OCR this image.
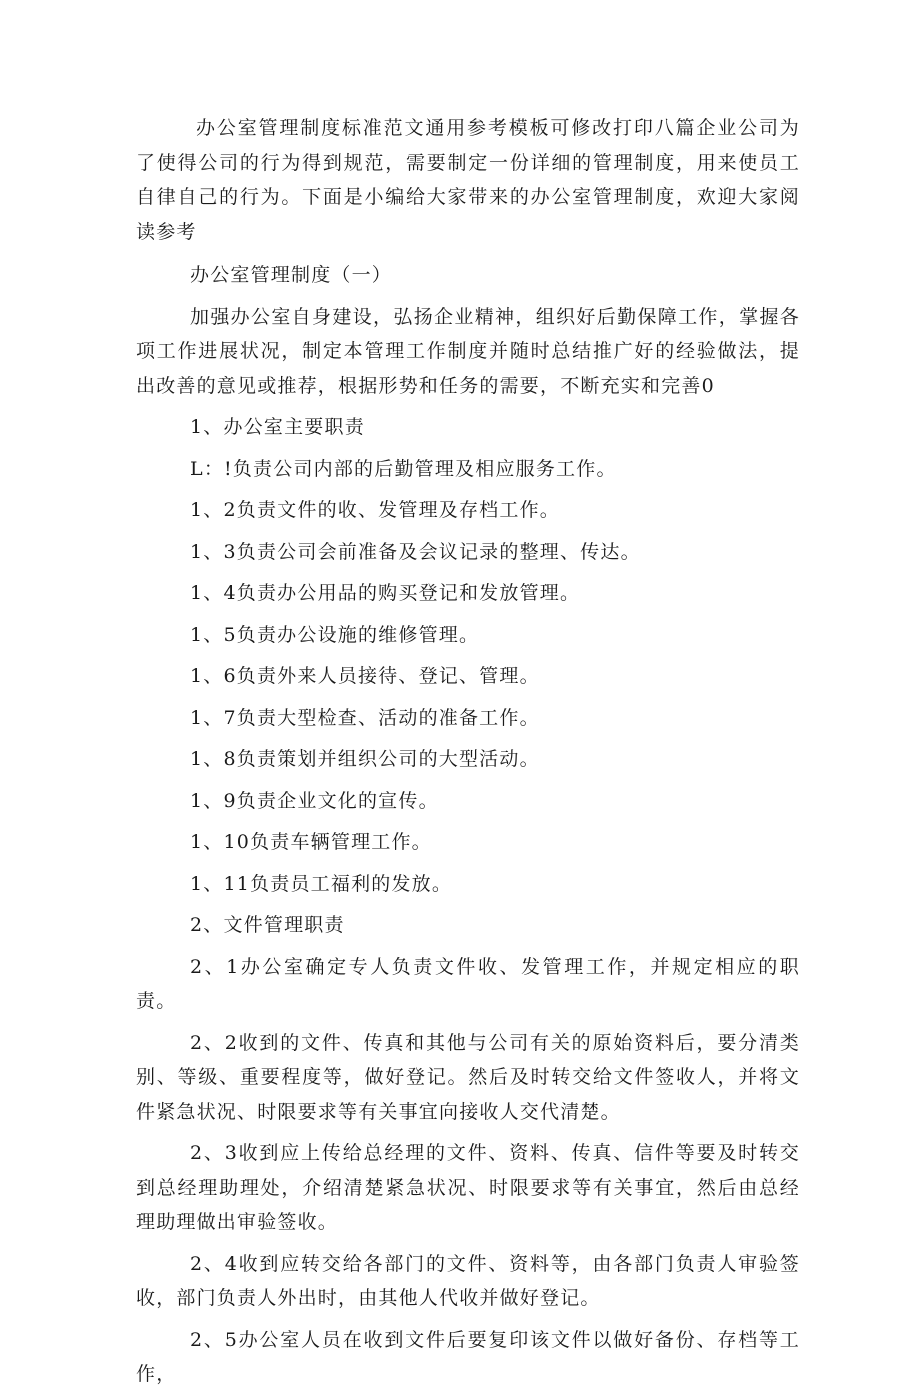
办公室管理制度标准范文通用参考模板可修改打印八篇企业公司为了使得公司的行为得到规范，需要制定一份详细的管理制度，用来使员工自律自己的行为。下面是小编给大家带来的办公室管理制度，欢迎大家阅读参考

办公室管理制度（一）

加强办公室自身建设，弘扬企业精神，组织好后勤保障工作，掌握各项工作进展状况，制定本管理工作制度并随时总结推广好的经验做法，提出改善的意见或推荐，根据形势和任务的需要，不断充实和完善0

1、办公室主要职责

L：!负责公司内部的后勤管理及相应服务工作。

1、2负责文件的收、发管理及存档工作。

1、3负责公司会前准备及会议记录的整理、传达。

1、4负责办公用品的购买登记和发放管理。

1、5负责办公设施的维修管理。

1、6负责外来人员接待、登记、管理。

1、7负责大型检查、活动的准备工作。

1、8负责策划并组织公司的大型活动。

1、9负责企业文化的宣传。

1、10负责车辆管理工作。

1、11负责员工福利的发放。

2、文件管理职责

2、1办公室确定专人负责文件收、发管理工作，并规定相应的职责。

2、2收到的文件、传真和其他与公司有关的原始资料后，要分清类别、等级、重要程度等，做好登记。然后及时转交给文件签收人，并将文件紧急状况、时限要求等有关事宜向接收人交代清楚。

2、3收到应上传给总经理的文件、资料、传真、信件等要及时转交到总经理助理处，介绍清楚紧急状况、时限要求等有关事宜，然后由总经理助理做出审验签收。

2、4收到应转交给各部门的文件、资料等，由各部门负责人审验签收，部门负责人外出时，由其他人代收并做好登记。

2、5办公室人员在收到文件后要复印该文件以做好备份、存档等工作，
